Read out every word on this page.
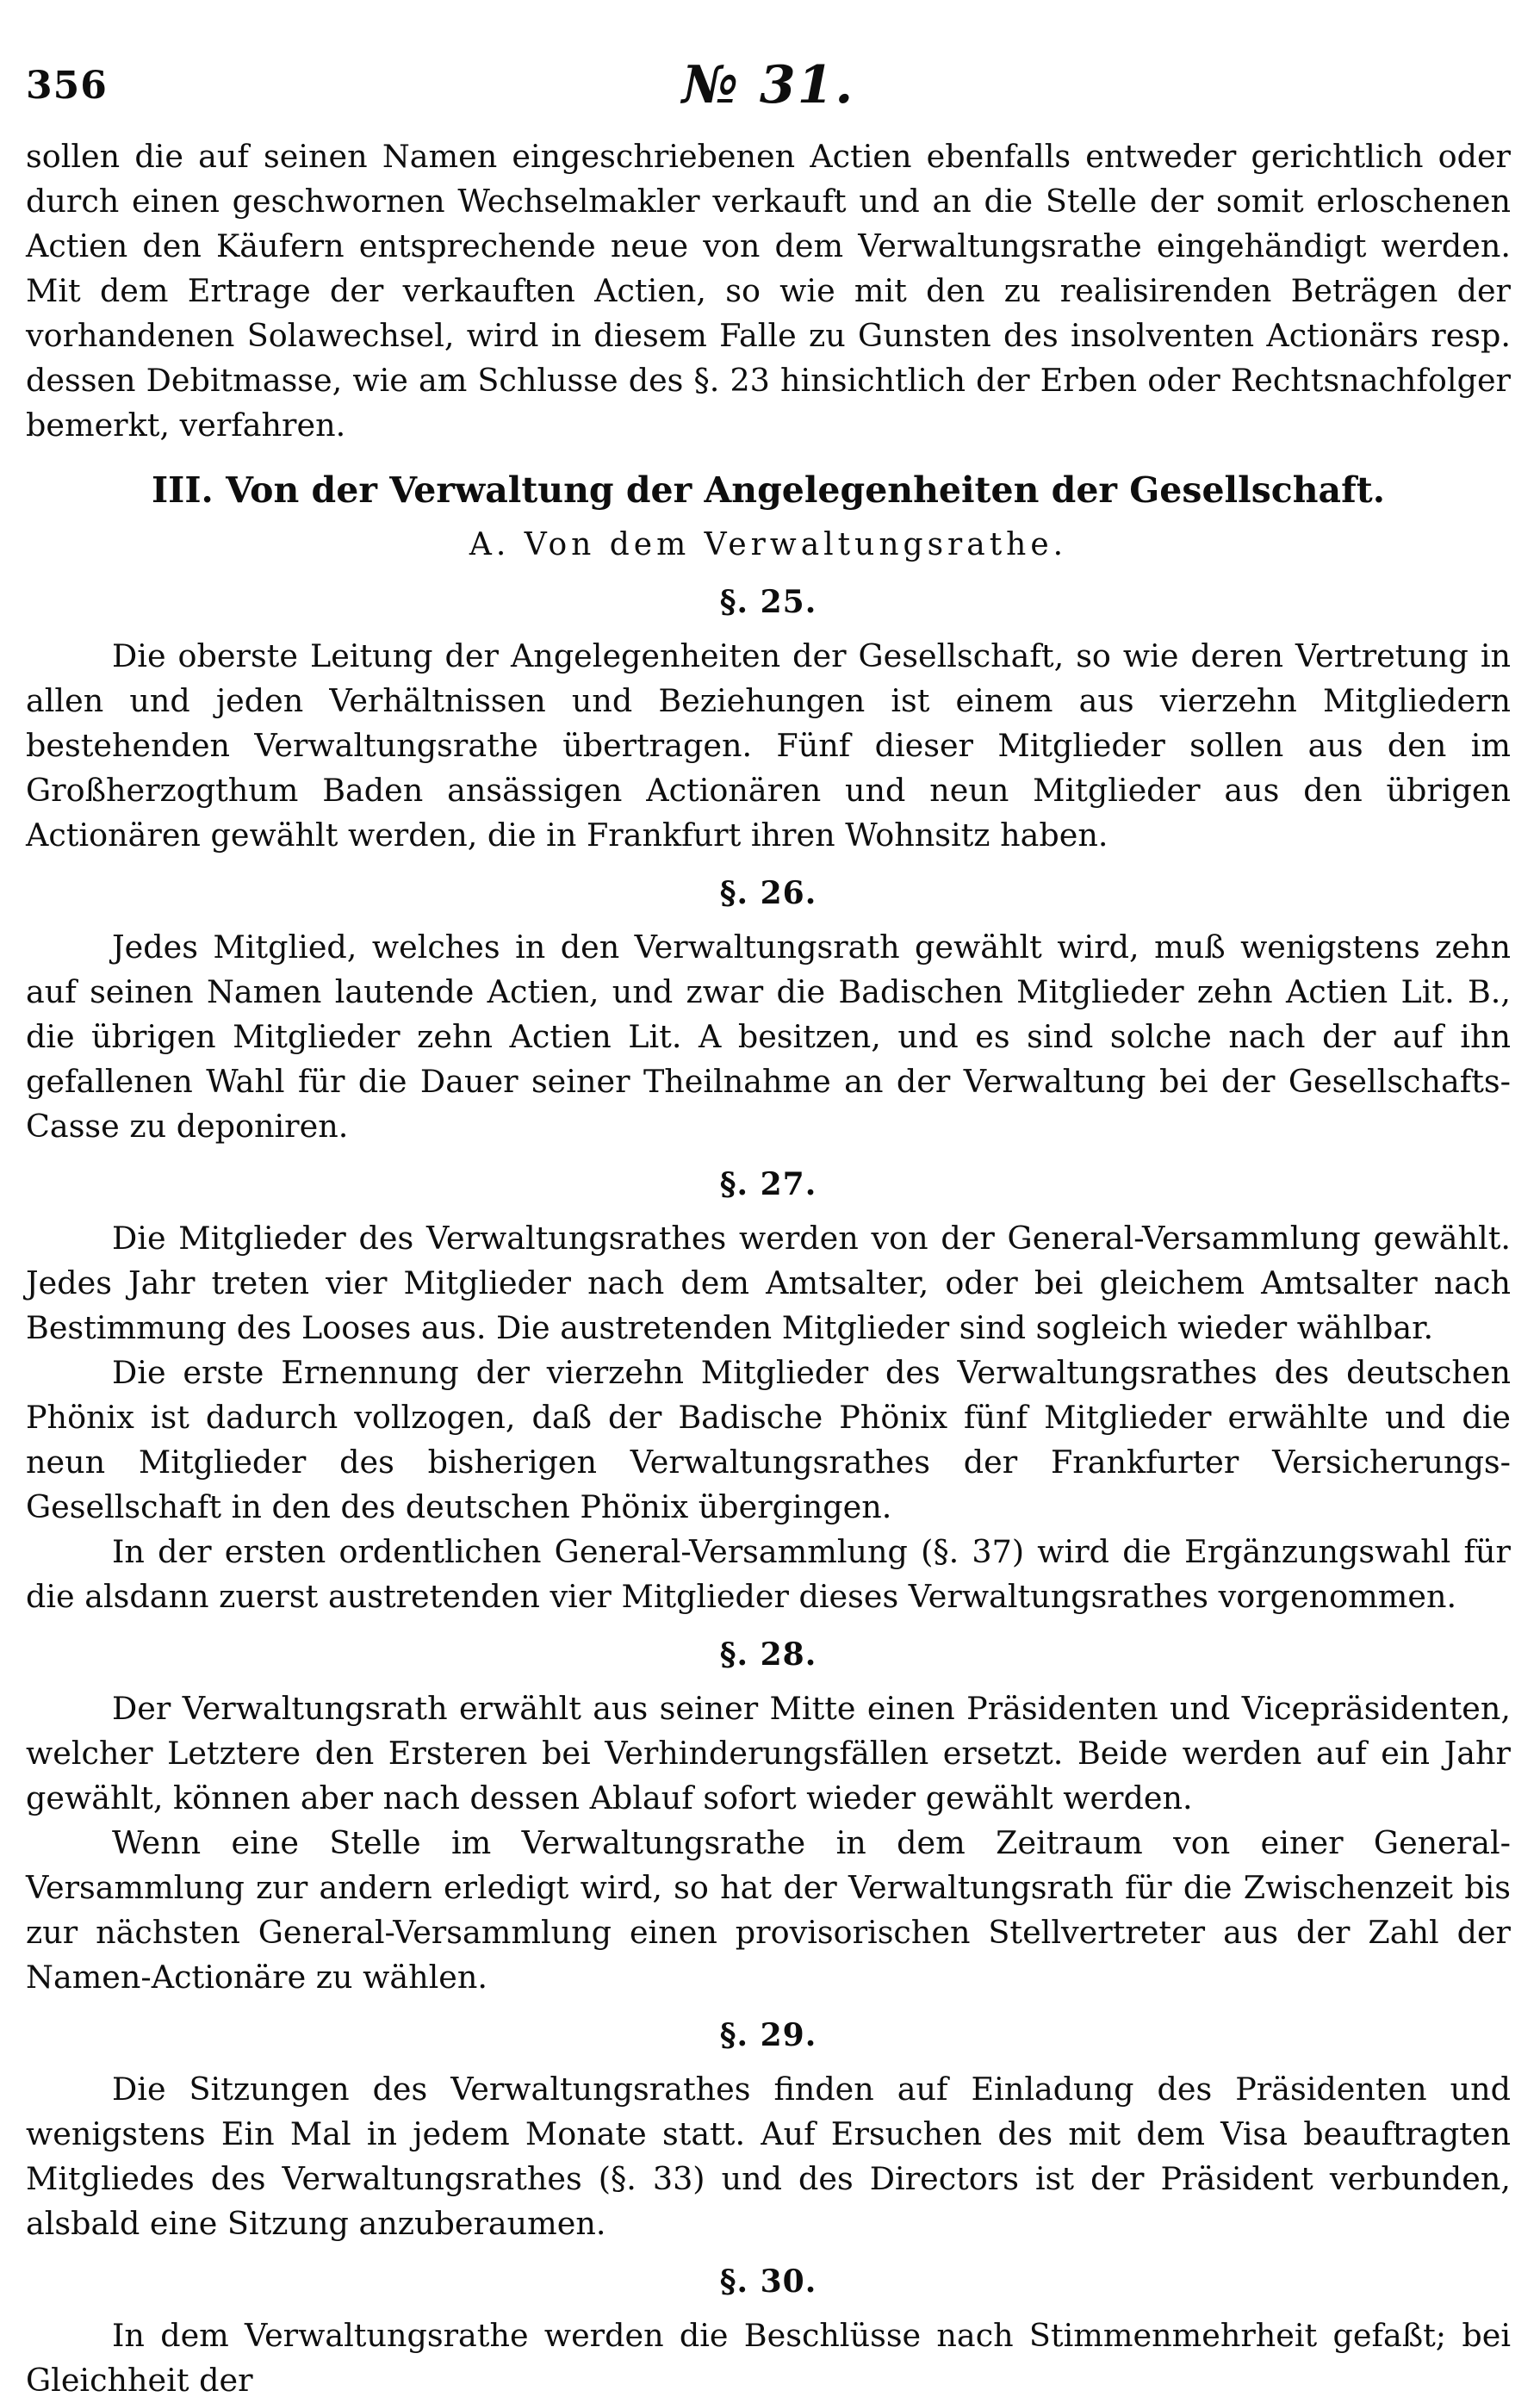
356	№ 31.

sollen die auf seinen Namen eingeschriebenen Actien ebenfalls entweder gerichtlich oder durch einen geschwornen Wechselmakler verkauft und an die Stelle der somit erloschenen Actien den Käufern entsprechende neue von dem Verwaltungsrathe eingehändigt werden. Mit dem Ertrage der verkauften Actien, so wie mit den zu realisirenden Beträgen der vorhandenen Solawechsel, wird in diesem Falle zu Gunsten des insolventen Actionärs resp. dessen Debitmasse, wie am Schlusse des §. 23 hinsichtlich der Erben oder Rechtsnachfolger bemerkt, verfahren.

III. Von der Verwaltung der Angelegenheiten der Gesellschaft.
A. Von dem Verwaltungsrathe.
§. 25.

Die oberste Leitung der Angelegenheiten der Gesellschaft, so wie deren Vertretung in allen und jeden Verhältnissen und Beziehungen ist einem aus vierzehn Mitgliedern bestehenden Verwaltungsrathe übertragen. Fünf dieser Mitglieder sollen aus den im Großherzogthum Baden ansässigen Actionären und neun Mitglieder aus den übrigen Actionären gewählt werden, die in Frankfurt ihren Wohnsitz haben.

§. 26.

Jedes Mitglied, welches in den Verwaltungsrath gewählt wird, muß wenigstens zehn auf seinen Namen lautende Actien, und zwar die Badischen Mitglieder zehn Actien Lit. B., die übrigen Mitglieder zehn Actien Lit. A besitzen, und es sind solche nach der auf ihn gefallenen Wahl für die Dauer seiner Theilnahme an der Verwaltung bei der Gesellschafts-Casse zu deponiren.

§. 27.

Die Mitglieder des Verwaltungsrathes werden von der General-Versammlung gewählt. Jedes Jahr treten vier Mitglieder nach dem Amtsalter, oder bei gleichem Amtsalter nach Bestimmung des Looses aus. Die austretenden Mitglieder sind sogleich wieder wählbar.

Die erste Ernennung der vierzehn Mitglieder des Verwaltungsrathes des deutschen Phönix ist dadurch vollzogen, daß der Badische Phönix fünf Mitglieder erwählte und die neun Mitglieder des bisherigen Verwaltungsrathes der Frankfurter Versicherungs-Gesellschaft in den des deutschen Phönix übergingen.

In der ersten ordentlichen General-Versammlung (§. 37) wird die Ergänzungswahl für die alsdann zuerst austretenden vier Mitglieder dieses Verwaltungsrathes vorgenommen.

§. 28.

Der Verwaltungsrath erwählt aus seiner Mitte einen Präsidenten und Vicepräsidenten, welcher Letztere den Ersteren bei Verhinderungsfällen ersetzt. Beide werden auf ein Jahr gewählt, können aber nach dessen Ablauf sofort wieder gewählt werden.

Wenn eine Stelle im Verwaltungsrathe in dem Zeitraum von einer General-Versammlung zur andern erledigt wird, so hat der Verwaltungsrath für die Zwischenzeit bis zur nächsten General-Versammlung einen provisorischen Stellvertreter aus der Zahl der Namen-Actionäre zu wählen.

§. 29.

Die Sitzungen des Verwaltungsrathes finden auf Einladung des Präsidenten und wenigstens Ein Mal in jedem Monate statt. Auf Ersuchen des mit dem Visa beauftragten Mitgliedes des Verwaltungsrathes (§. 33) und des Directors ist der Präsident verbunden, alsbald eine Sitzung anzuberaumen.

§. 30.

In dem Verwaltungsrathe werden die Beschlüsse nach Stimmenmehrheit gefaßt; bei Gleichheit der
